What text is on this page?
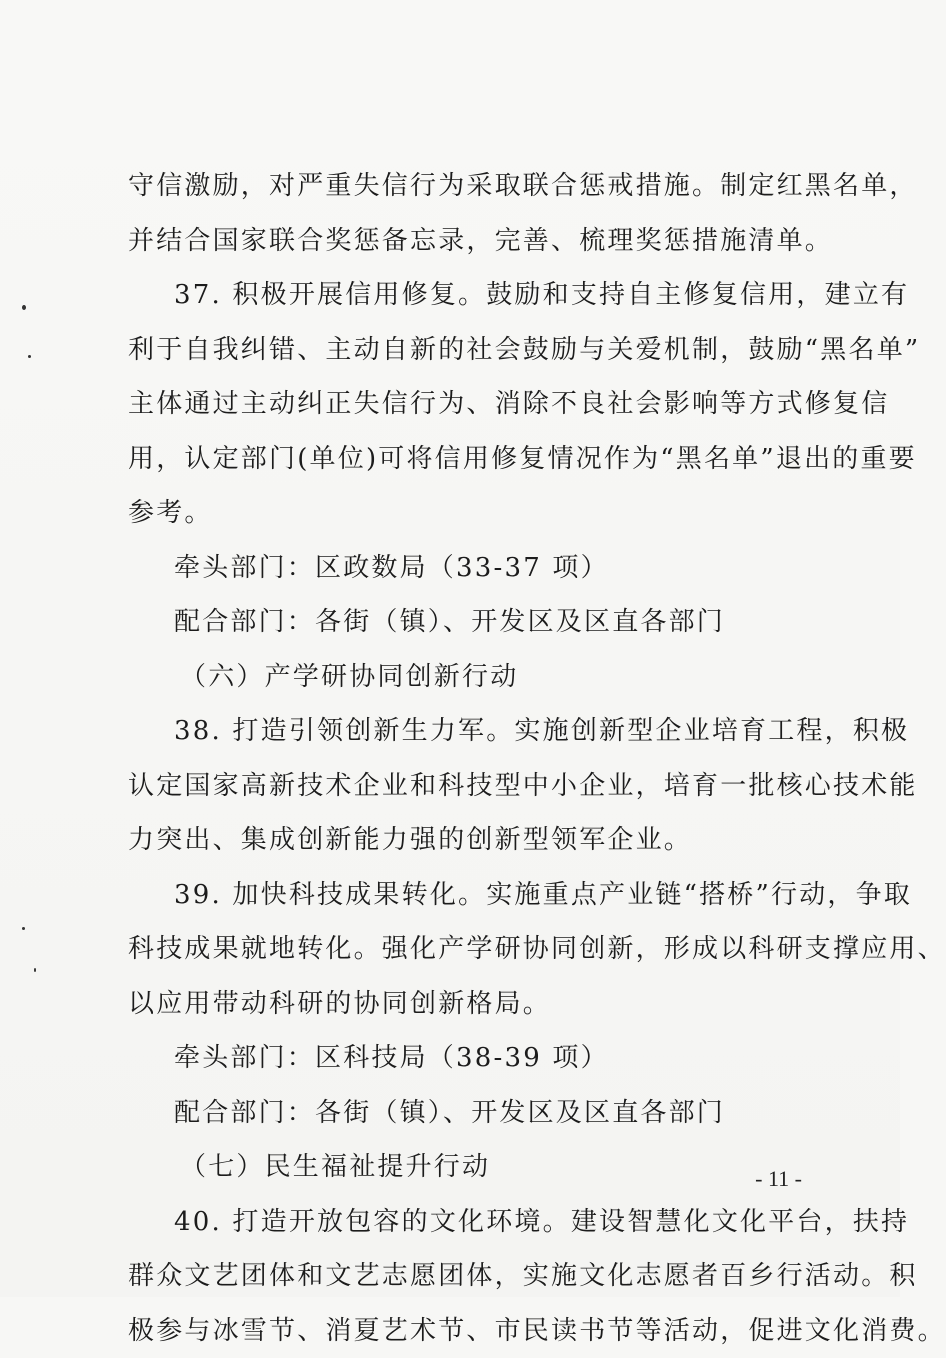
守信激励，对严重失信行为采取联合惩戒措施。制定红黑名单，
并结合国家联合奖惩备忘录，完善、梳理奖惩措施清单。
37. 积极开展信用修复。鼓励和支持自主修复信用，建立有
利于自我纠错、主动自新的社会鼓励与关爱机制，鼓励“黑名单”
主体通过主动纠正失信行为、消除不良社会影响等方式修复信
用，认定部门(单位)可将信用修复情况作为“黑名单”退出的重要
参考。
牵头部门：区政数局（33-37 项）
配合部门：各街（镇）、开发区及区直各部门
（六）产学研协同创新行动
38. 打造引领创新生力军。实施创新型企业培育工程，积极
认定国家高新技术企业和科技型中小企业，培育一批核心技术能
力突出、集成创新能力强的创新型领军企业。
39. 加快科技成果转化。实施重点产业链“搭桥”行动，争取
科技成果就地转化。强化产学研协同创新，形成以科研支撑应用、
以应用带动科研的协同创新格局。
牵头部门：区科技局（38-39 项）
配合部门：各街（镇）、开发区及区直各部门
（七）民生福祉提升行动
40. 打造开放包容的文化环境。建设智慧化文化平台，扶持
群众文艺团体和文艺志愿团体，实施文化志愿者百乡行活动。积
极参与冰雪节、消夏艺术节、市民读书节等活动，促进文化消费。
- 11 -
